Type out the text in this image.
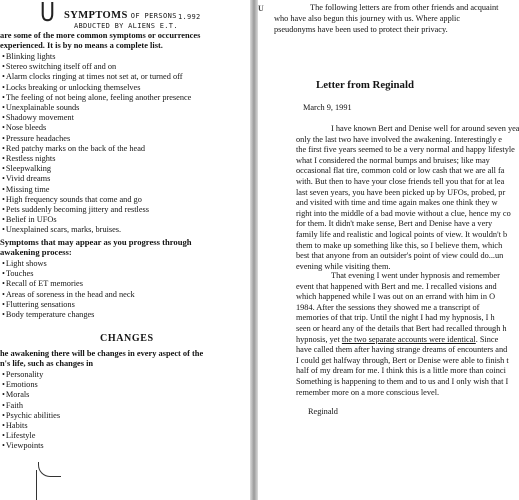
U SYMPTOMS OF PERSONS
ABDUCTED BY ALIENS E.T.
1.992
are some of the more common symptoms or occurrences
experienced. It is by no means a complete list.
• Blinking lights
• Stereo switching itself off and on
• Alarm clocks ringing at times not set at, or turned off
• Locks breaking or unlocking themselves
• The feeling of not being alone, feeling another presence
• Unexplainable sounds
• Shadowy movement
• Nose bleeds
• Pressure headaches
• Red patchy marks on the back of the head
• Restless nights
• Sleepwalking
• Vivid dreams
• Missing time
• High frequency sounds that come and go
• Pets suddenly becoming jittery and restless
• Belief in UFOs
• Unexplained scars, marks, bruises.
Symptoms that may appear as you progress through
awakening process:
• Light shows
• Touches
• Recall of ET memories
• Areas of soreness in the head and neck
• Fluttering sensations
• Body temperature changes
CHANGES
he awakening there will be changes in every aspect of the
n's life, such as changes in
• Personality
• Emotions
• Morals
• Faith
• Psychic abilities
• Habits
• Lifestyle
• Viewpoints
U	The following letters are from other friends and acquaint

who have also begun this journey with us. Where applic

pseudonyms have been used to protect their privacy.

Letter from Reginald
March 9, 1991

I have known Bert and Denise well for around seven yea

only the last two have involved the awakening. Interestingly e

the first five years seemed to be a very normal and happy lifestyle

what I considered the normal bumps and bruises; like may

occasional flat tire, common cold or low cash that we are all fa

with. But then to have your close friends tell you that for at lea

last seven years, you have been picked up by UFOs, probed, pr

and visited with time and time again makes one think they w

right into the middle of a bad movie without a clue, hence my co

for them. It didn't make sense, Bert and Denise have a very

family life and realistic and logical points of view. It wouldn't b

them to make up something like this, so I believe them, which

best that anyone from an outsider's point of view could do...un

evening while visiting them.

That evening I went under hypnosis and remember

event that happened with Bert and me. I recalled visions and

which happened while I was out on an errand with him in O

1984. After the sessions they showed me a transcript of

memories of that trip. Until the night I had my hypnosis, I h

seen or heard any of the details that Bert had recalled through h

hypnosis, yet the two separate accounts were identical. Since

have called them after having strange dreams of encounters and

I could get halfway through, Bert or Denise were able to finish t

half of my dream for me. I think this is a little more than coinci

Something is happening to them and to us and I only wish that I

remember more on a more conscious level.

Reginald
